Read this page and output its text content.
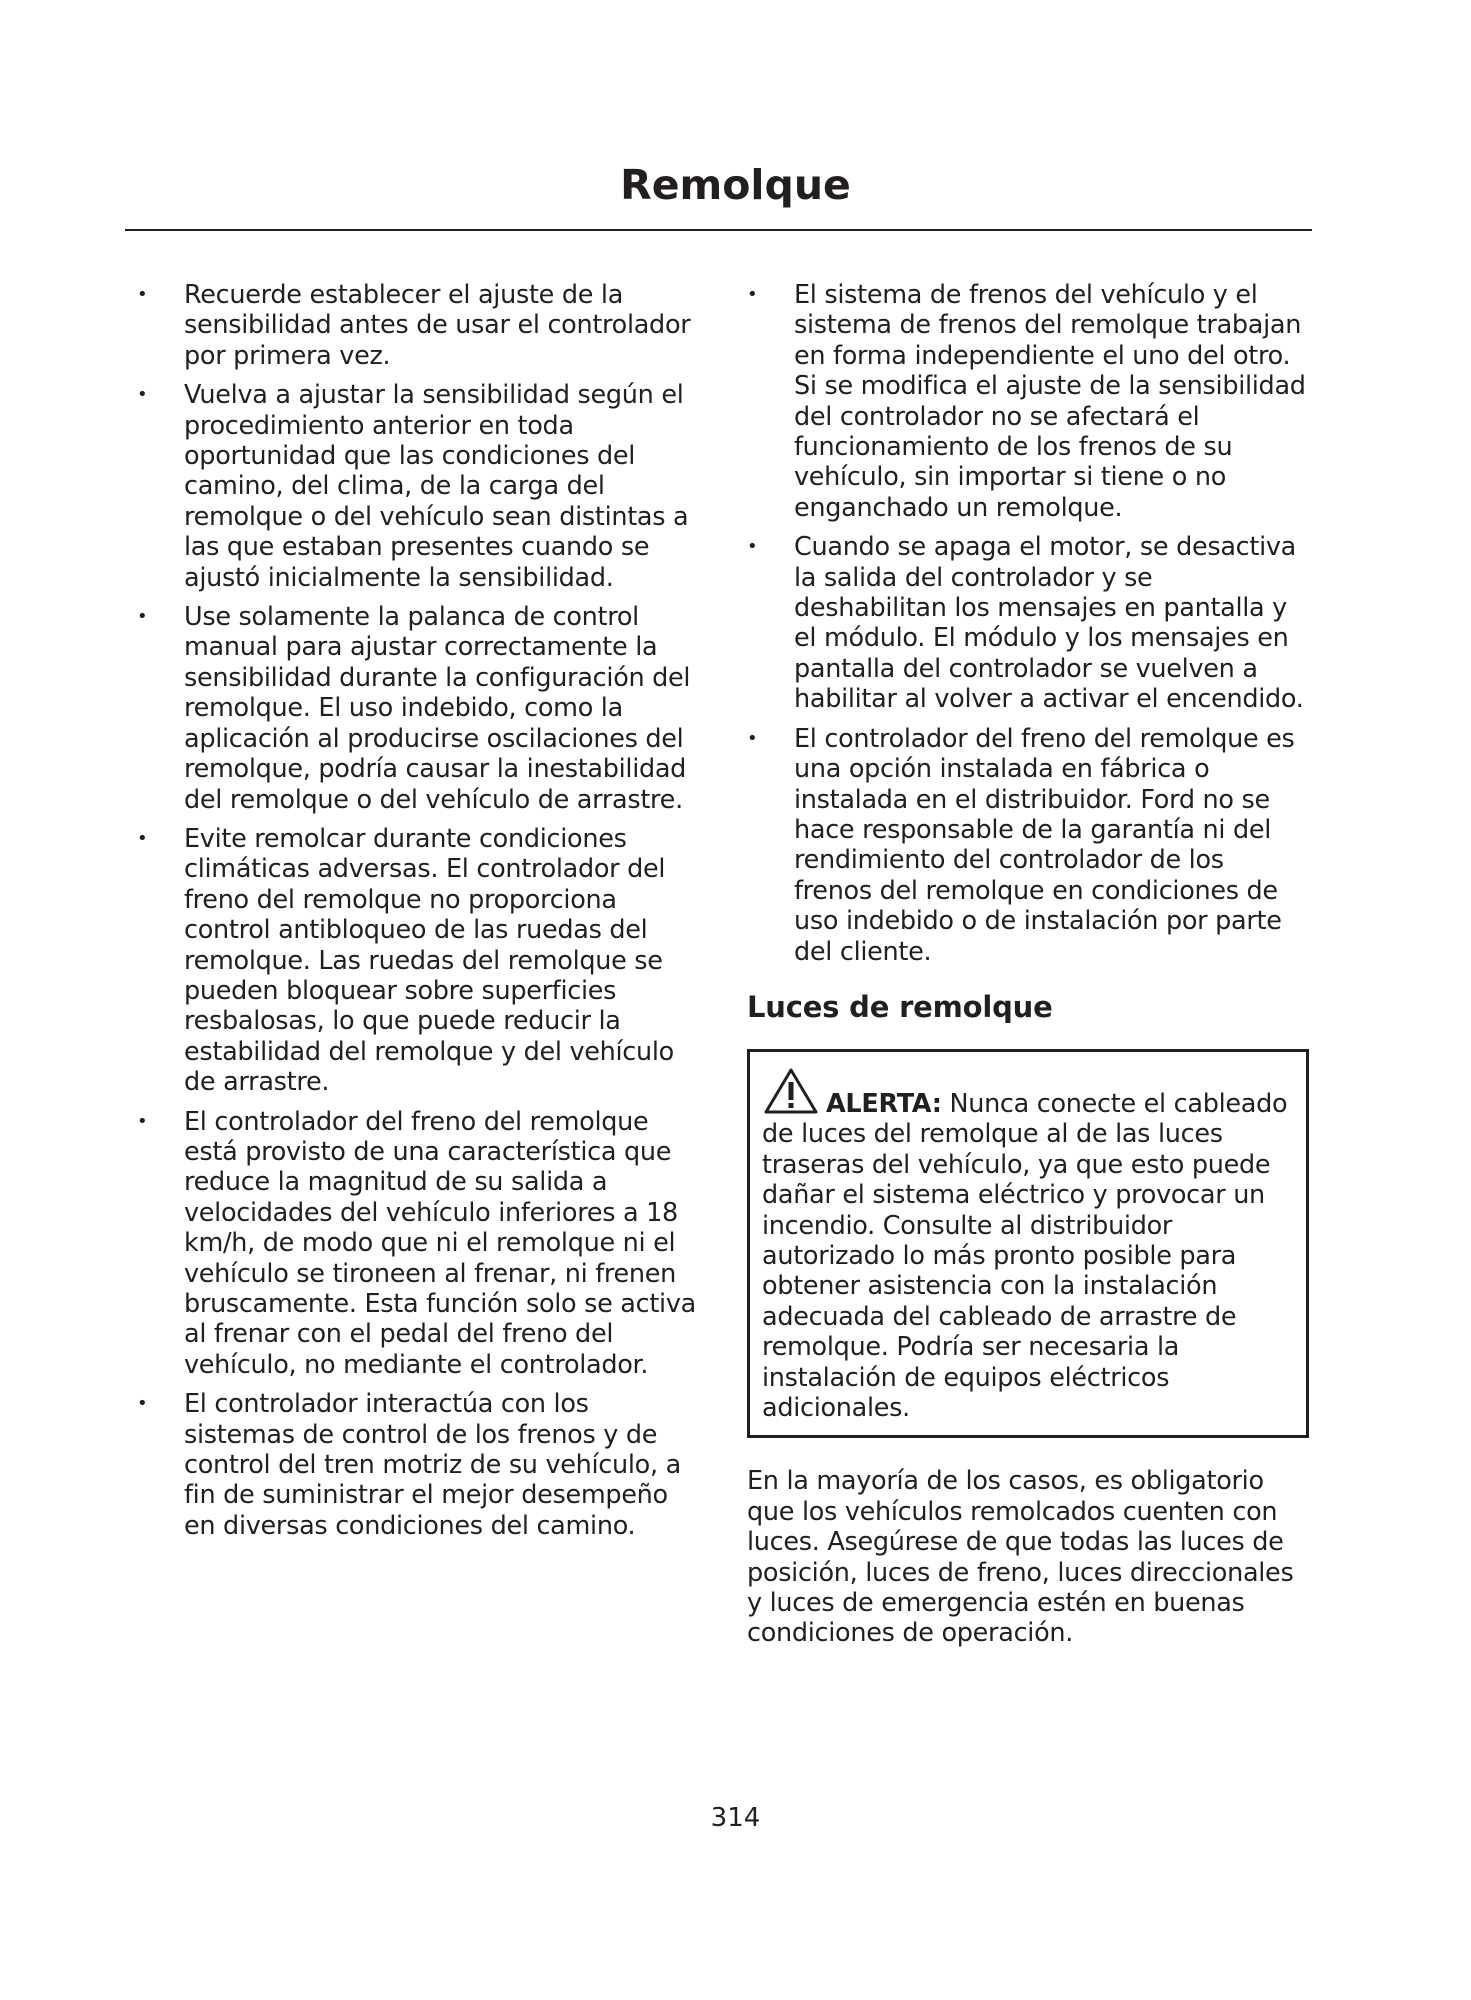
Remolque
• Recuerde establecer el ajuste de la sensibilidad antes de usar el controlador por primera vez.
• Vuelva a ajustar la sensibilidad según el procedimiento anterior en toda oportunidad que las condiciones del camino, del clima, de la carga del remolque o del vehículo sean distintas a las que estaban presentes cuando se ajustó inicialmente la sensibilidad.
• Use solamente la palanca de control manual para ajustar correctamente la sensibilidad durante la configuración del remolque. El uso indebido, como la aplicación al producirse oscilaciones del remolque, podría causar la inestabilidad del remolque o del vehículo de arrastre.
• Evite remolcar durante condiciones climáticas adversas. El controlador del freno del remolque no proporciona control antibloqueo de las ruedas del remolque. Las ruedas del remolque se pueden bloquear sobre superficies resbalosas, lo que puede reducir la estabilidad del remolque y del vehículo de arrastre.
• El controlador del freno del remolque está provisto de una característica que reduce la magnitud de su salida a velocidades del vehículo inferiores a 18 km/h, de modo que ni el remolque ni el vehículo se tironeen al frenar, ni frenen bruscamente. Esta función solo se activa al frenar con el pedal del freno del vehículo, no mediante el controlador.
• El controlador interactúa con los sistemas de control de los frenos y de control del tren motriz de su vehículo, a fin de suministrar el mejor desempeño en diversas condiciones del camino.
• El sistema de frenos del vehículo y el sistema de frenos del remolque trabajan en forma independiente el uno del otro. Si se modifica el ajuste de la sensibilidad del controlador no se afectará el funcionamiento de los frenos de su vehículo, sin importar si tiene o no enganchado un remolque.
• Cuando se apaga el motor, se desactiva la salida del controlador y se deshabilitan los mensajes en pantalla y el módulo. El módulo y los mensajes en pantalla del controlador se vuelven a habilitar al volver a activar el encendido.
• El controlador del freno del remolque es una opción instalada en fábrica o instalada en el distribuidor. Ford no se hace responsable de la garantía ni del rendimiento del controlador de los frenos del remolque en condiciones de uso indebido o de instalación por parte del cliente.
Luces de remolque
ALERTA: Nunca conecte el cableado de luces del remolque al de las luces traseras del vehículo, ya que esto puede dañar el sistema eléctrico y provocar un incendio. Consulte al distribuidor autorizado lo más pronto posible para obtener asistencia con la instalación adecuada del cableado de arrastre de remolque. Podría ser necesaria la instalación de equipos eléctricos adicionales.

En la mayoría de los casos, es obligatorio que los vehículos remolcados cuenten con luces. Asegúrese de que todas las luces de posición, luces de freno, luces direccionales y luces de emergencia estén en buenas condiciones de operación.

314
